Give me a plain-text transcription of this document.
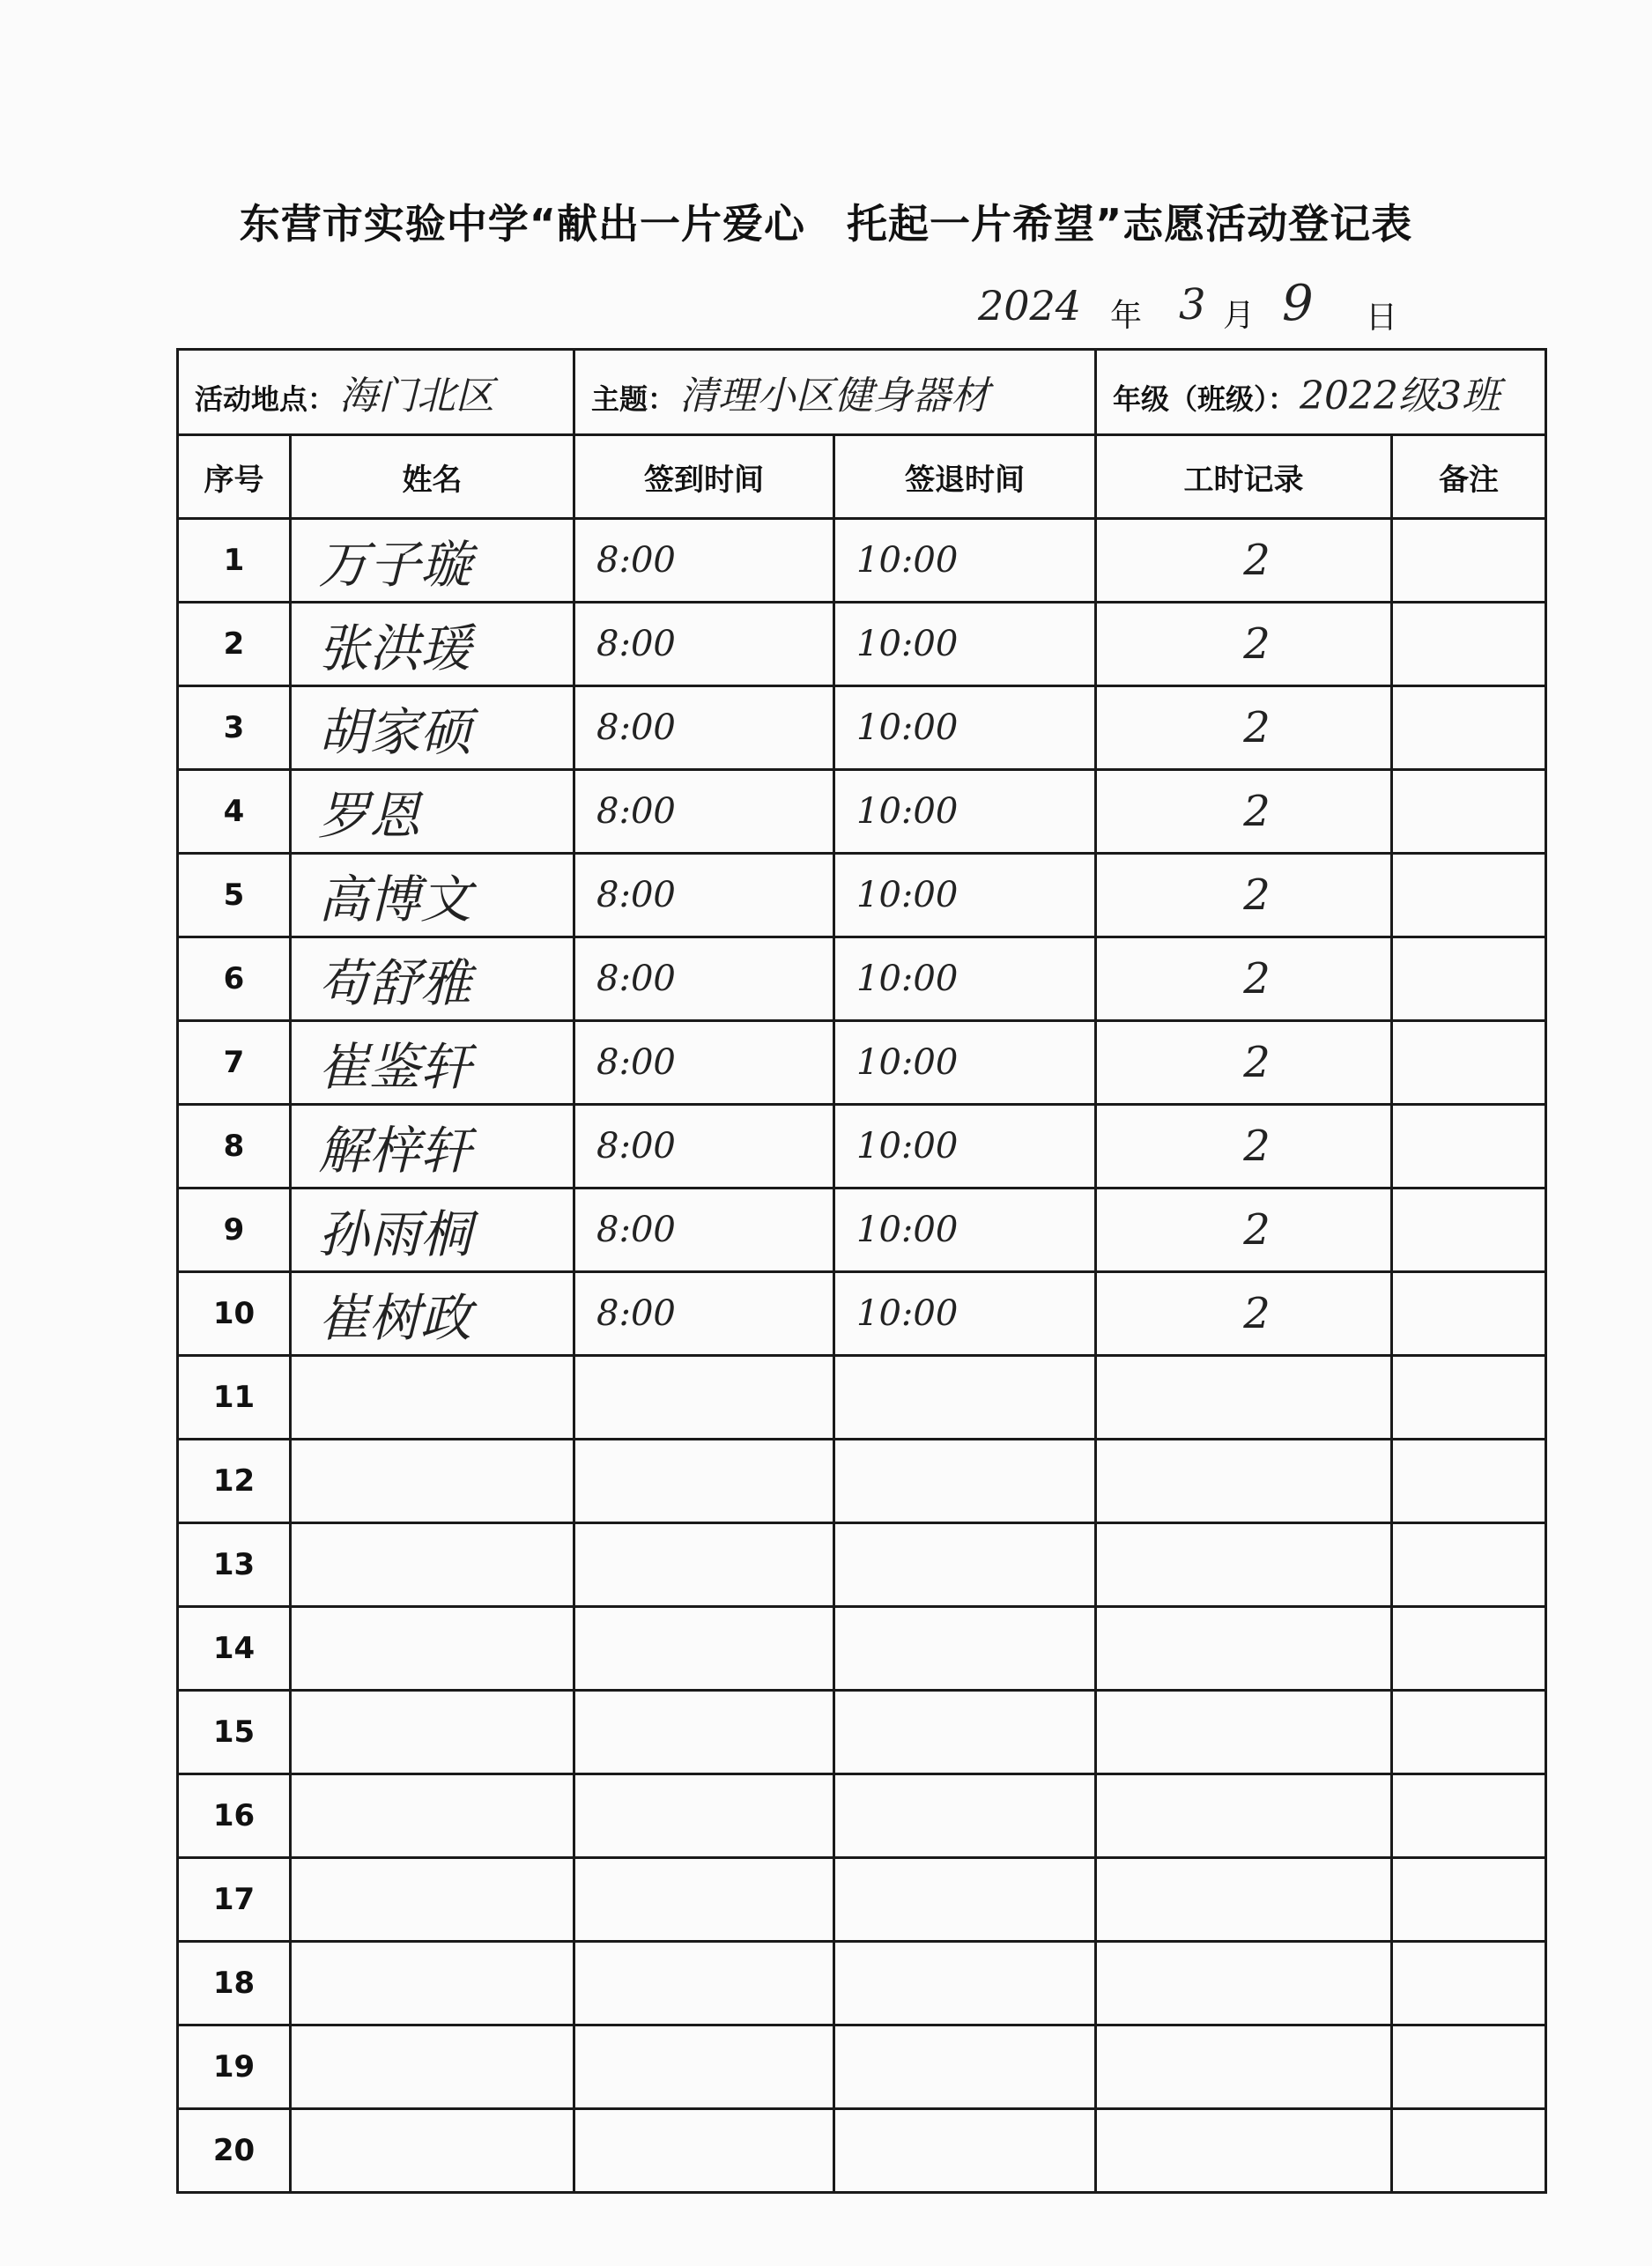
东营市实验中学“献出一片爱心　托起一片希望”志愿活动登记表
2024 年 3 月 9 日
活动地点：海门北区		主题：清理小区健身器材		年级（班级）：2022级3班	
序号	姓名	签到时间	签退时间	工时记录	备注
1	万子璇	8:00	10:00	2	
2	张洪瑗	8:00	10:00	2	
3	胡家硕	8:00	10:00	2	
4	罗恩	8:00	10:00	2	
5	高博文	8:00	10:00	2	
6	苟舒雅	8:00	10:00	2	
7	崔鉴轩	8:00	10:00	2	
8	解梓轩	8:00	10:00	2	
9	孙雨桐	8:00	10:00	2	
10	崔树政	8:00	10:00	2	
11					
12					
13					
14					
15					
16					
17					
18					
19					
20					
